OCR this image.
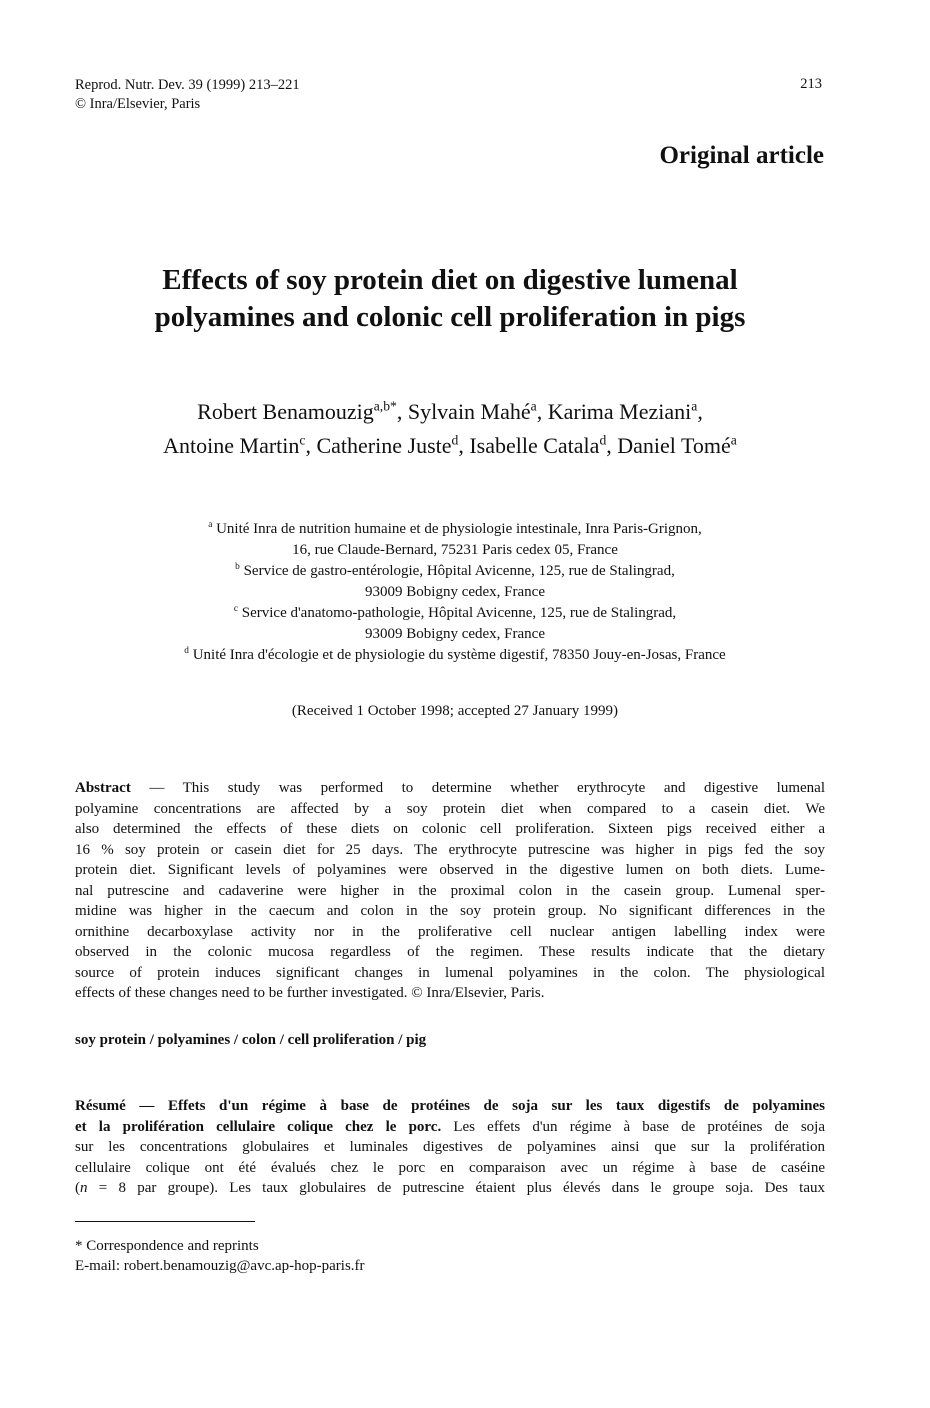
Reprod. Nutr. Dev. 39 (1999) 213–221
© Inra/Elsevier, Paris
213
Original article
Effects of soy protein diet on digestive lumenal
polyamines and colonic cell proliferation in pigs
Robert Benamouzig$^{a,b*}$, Sylvain Mahé$^a$, Karima Meziani$^a$,
Antoine Martin$^c$, Catherine Juste$^d$, Isabelle Catala$^d$, Daniel Tomé$^a$
$^a$ Unité Inra de nutrition humaine et de physiologie intestinale, Inra Paris-Grignon,
16, rue Claude-Bernard, 75231 Paris cedex 05, France
$^b$ Service de gastro-entérologie, Hôpital Avicenne, 125, rue de Stalingrad,
93009 Bobigny cedex, France
$^c$ Service d'anatomo-pathologie, Hôpital Avicenne, 125, rue de Stalingrad,
93009 Bobigny cedex, France
$^d$ Unité Inra d'écologie et de physiologie du système digestif, 78350 Jouy-en-Josas, France
(Received 1 October 1998; accepted 27 January 1999)
Abstract — This study was performed to determine whether erythrocyte and digestive lumenal
polyamine concentrations are affected by a soy protein diet when compared to a casein diet. We
also determined the effects of these diets on colonic cell proliferation. Sixteen pigs received either a
16 % soy protein or casein diet for 25 days. The erythrocyte putrescine was higher in pigs fed the soy
protein diet. Significant levels of polyamines were observed in the digestive lumen on both diets. Lume-
nal putrescine and cadaverine were higher in the proximal colon in the casein group. Lumenal sper-
midine was higher in the caecum and colon in the soy protein group. No significant differences in the
ornithine decarboxylase activity nor in the proliferative cell nuclear antigen labelling index were
observed in the colonic mucosa regardless of the regimen. These results indicate that the dietary
source of protein induces significant changes in lumenal polyamines in the colon. The physiological
effects of these changes need to be further investigated. © Inra/Elsevier, Paris.
soy protein / polyamines / colon / cell proliferation / pig
Résumé — Effets d'un régime à base de protéines de soja sur les taux digestifs de polyamines
et la prolifération cellulaire colique chez le porc. Les effets d'un régime à base de protéines de soja
sur les concentrations globulaires et luminales digestives de polyamines ainsi que sur la prolifération
cellulaire colique ont été évalués chez le porc en comparaison avec un régime à base de caséine
(n = 8 par groupe). Les taux globulaires de putrescine étaient plus élevés dans le groupe soja. Des taux
* Correspondence and reprints
E-mail: robert.benamouzig@avc.ap-hop-paris.fr
